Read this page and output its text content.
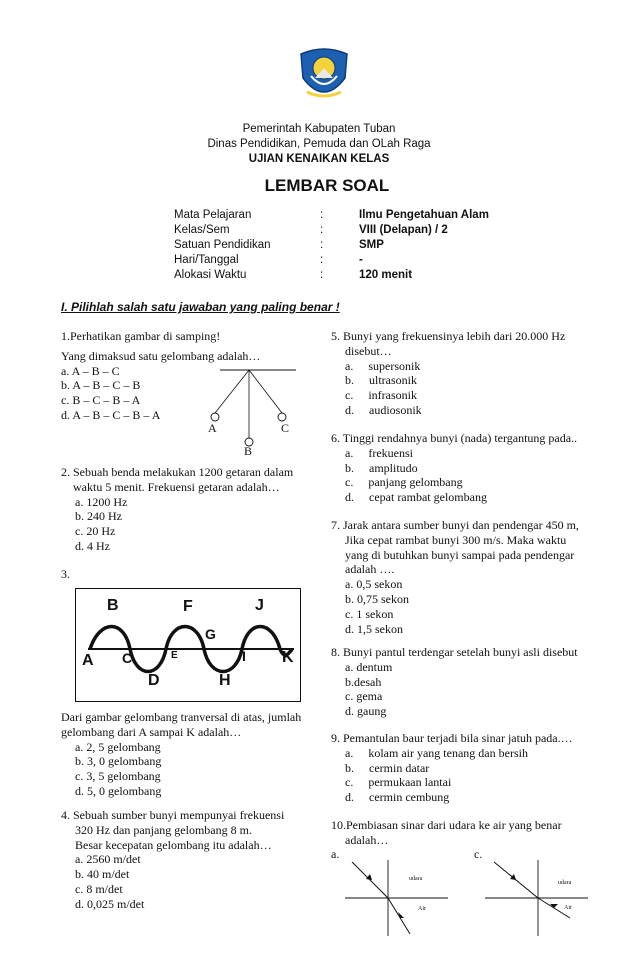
Pemerintah Kabupaten Tuban
Dinas Pendidikan, Pemuda dan OLah Raga
UJIAN KENAIKAN KELAS
LEMBAR SOAL
Mata Pelajaran
Kelas/Sem
Satuan Pendidikan
Hari/Tanggal
Alokasi Waktu
:
:
:
:
:
Ilmu Pengetahuan Alam
VIII (Delapan) / 2
SMP
-
120 menit
I. Pilihlah salah satu jawaban yang paling benar !
1.Perhatikan gambar di samping!
Yang dimaksud satu gelombang adalah…
a. A – B – C
b. A – B – C – B
c. B – C – B – A
d. A – B – C – B – A
A	C
B
2. Sebuah benda melakukan 1200 getaran dalam
waktu 5 menit. Frekuensi getaran adalah…
a. 1200 Hz
b. 240 Hz
c. 20 Hz
d. 4 Hz
3.
A
B
C
D
E
F
G
H
I
J
K
Dari gambar gelombang tranversal di atas, jumlah
gelombang dari A sampai K adalah…
a. 2, 5 gelombang
b. 3, 0 gelombang
c. 3, 5 gelombang
d. 5, 0 gelombang
4. Sebuah sumber bunyi mempunyai frekuensi
320 Hz dan panjang gelombang 8 m.
Besar kecepatan gelombang itu adalah…
a. 2560 m/det
b. 40 m/det
c. 8 m/det
d. 0,025 m/det
5. Bunyi yang frekuensinya lebih dari 20.000 Hz
disebut…
a.     supersonik
b.     ultrasonik
c.     infrasonik
d.     audiosonik
6. Tinggi rendahnya bunyi (nada) tergantung pada..
a.     frekuensi
b.     amplitudo
c.     panjang gelombang
d.     cepat rambat gelombang
7. Jarak antara sumber bunyi dan pendengar 450 m,
Jika cepat rambat bunyi 300 m/s. Maka waktu
yang di butuhkan bunyi sampai pada pendengar
adalah ….
a. 0,5 sekon
b. 0,75 sekon
c. 1 sekon
d. 1,5 sekon
8. Bunyi pantul terdengar setelah bunyi asli disebut
a. dentum
b.desah
c. gema
d. gaung
9. Pemantulan baur terjadi bila sinar jatuh pada.…
a.     kolam air yang tenang dan bersih
b.     cermin datar
c.     permukaan lantai
d.     cermin cembung
10.Pembiasan sinar dari udara ke air yang benar
adalah…
a.	c.
udara
Air
udara
Air
